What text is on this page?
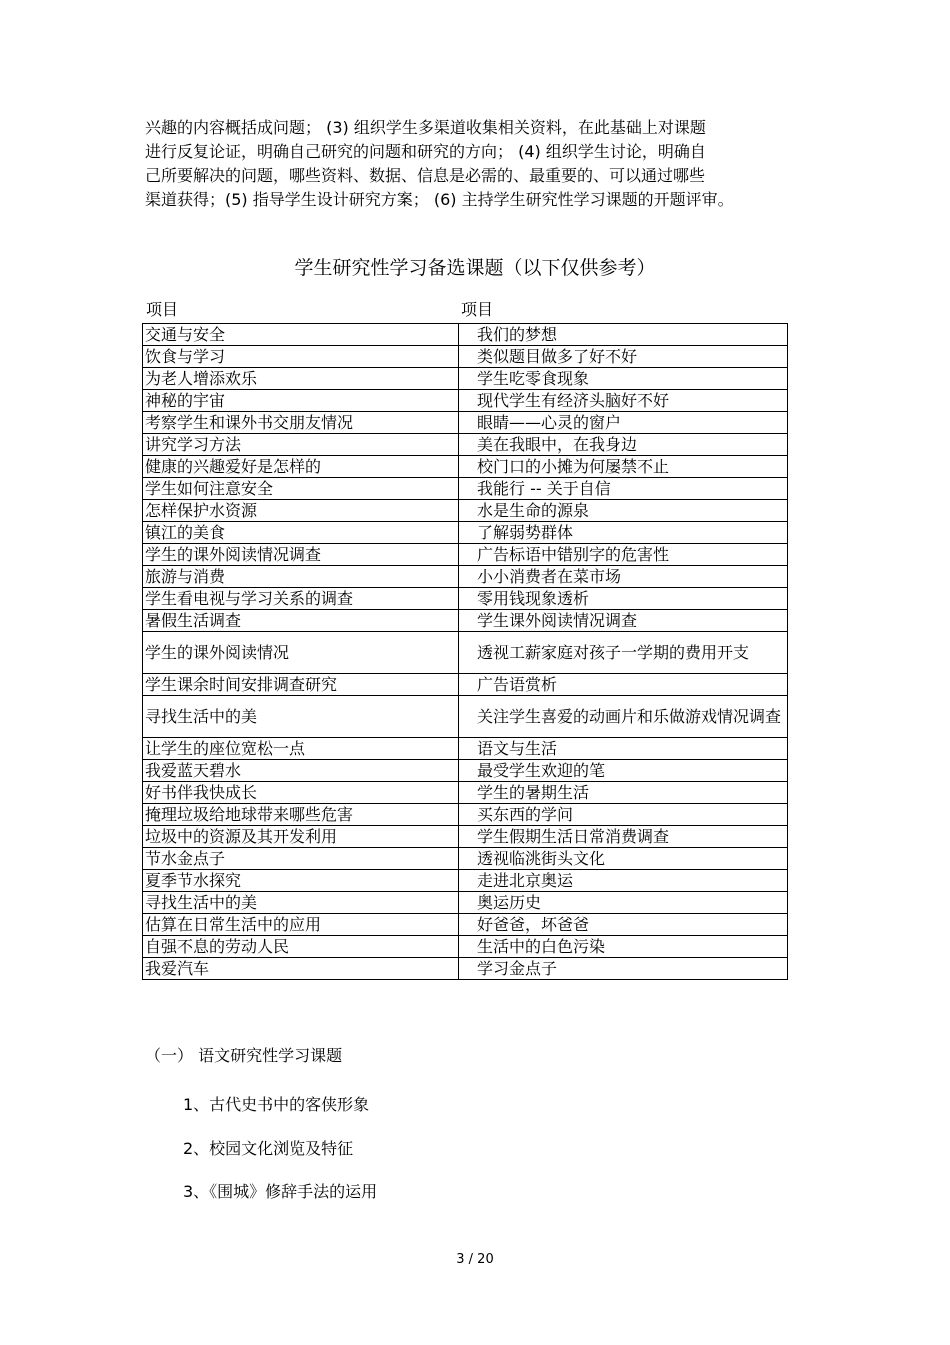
兴趣的内容概括成问题； (3) 组织学生多渠道收集相关资料，在此基础上对课题

进行反复论证，明确自己研究的问题和研究的方向； (4) 组织学生讨论，明确自

己所要解决的问题，哪些资料、数据、信息是必需的、最重要的、可以通过哪些

渠道获得；(5) 指导学生设计研究方案； (6) 主持学生研究性学习课题的开题评审。

学生研究性学习备选课题（以下仅供参考）
项目	项目
交通与安全	我们的梦想
饮食与学习	类似题目做多了好不好
为老人增添欢乐	学生吃零食现象
神秘的宇宙	现代学生有经济头脑好不好
考察学生和课外书交朋友情况	眼睛——心灵的窗户
讲究学习方法	美在我眼中，在我身边
健康的兴趣爱好是怎样的	校门口的小摊为何屡禁不止
学生如何注意安全	我能行 -- 关于自信
怎样保护水资源	水是生命的源泉
镇江的美食	了解弱势群体
学生的课外阅读情况调查	广告标语中错别字的危害性
旅游与消费	小小消费者在菜市场
学生看电视与学习关系的调查	零用钱现象透析
暑假生活调查	学生课外阅读情况调查
学生的课外阅读情况	透视工薪家庭对孩子一学期的费用开支
学生课余时间安排调查研究	广告语赏析
寻找生活中的美	关注学生喜爱的动画片和乐做游戏情况调查
让学生的座位宽松一点	语文与生活
我爱蓝天碧水	最受学生欢迎的笔
好书伴我快成长	学生的暑期生活
掩理垃圾给地球带来哪些危害	买东西的学问
垃圾中的资源及其开发利用	学生假期生活日常消费调查
节水金点子	透视临洮街头文化
夏季节水探究	走进北京奥运
寻找生活中的美	奥运历史
估算在日常生活中的应用	好爸爸，坏爸爸
自强不息的劳动人民	生活中的白色污染
我爱汽车	学习金点子

（一） 语文研究性学习课题

1、古代史书中的客侠形象

2、校园文化浏览及特征

3、《围城》修辞手法的运用

3 / 20
